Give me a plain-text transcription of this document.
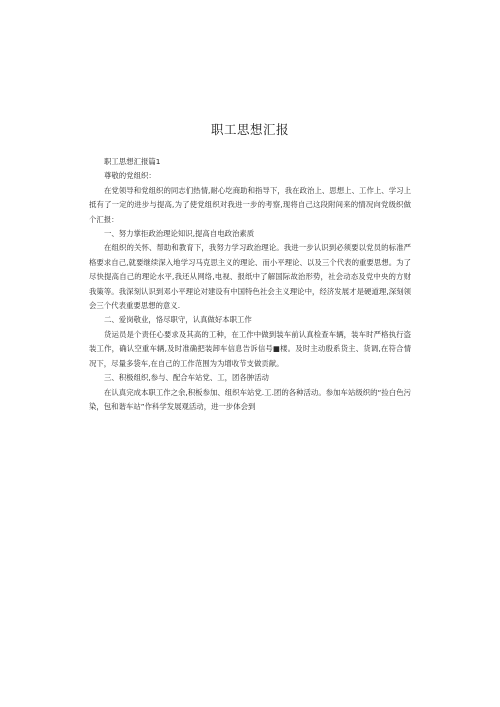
职工思想汇报

职工思想汇报篇1

尊敬的党组织：

在党领导和党组织的同志们热情,耐心圪商助和指导下，我在政治上、思想上、工作上、学习上抵有了一定的进步与提高,为了使党组织对我进一步的考察,现将自己这段附间来的情况向党级织做个汇报：

一、努力掌拒政治理论知识,提高自电政治素质

在组织的关怀、帮助和教育下，我努力学习政治理论。我进一步认识到必须要以党员的标准严格要求自己,就要继续深入地学习马克思主义的理论、而小平理论、以及三个代表的重要思想。为了尽快提高自己的理论水平,我还从网络,电视、报纸中了解国际故治形势，社会动态及党中央的方财我策等。我深刻认识到邓小平理论对建设有中国特色社会主义理论中，经济发展才是硬道理,深刻领会三个代表重要思想的意义.

二、爱岗敬业，恪尽职守，认真做好本职工作

货运员是个责任心要求及其高的工种，在工作中做到装车前认真检查车辆，装车时严格执行盗装工作，确认空重车辆,及时准确把装卸车信息告诉信号■楼。及时主动殷系货主、货调,在符合情况下，尽量多袋车,在自己的工作范围为为增收节支做贡献。

三、积极组织,参与、配合车站党、工，团各肿活动

在认真完成本职工作之余,积板参加、组织车站党.工.团的各种活动。参加车站级织的“捡白色污染，包和谐车站”作科学发展观活动，进一步体会到
